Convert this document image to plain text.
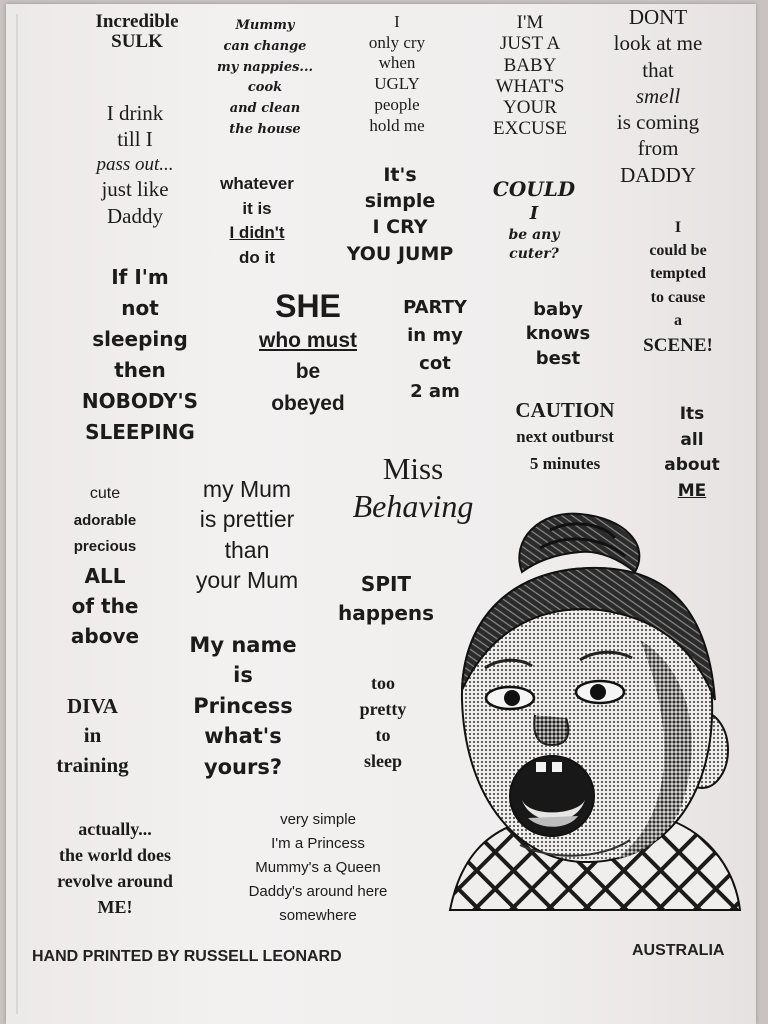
Incredible
SULK
I drink
till I
pass out...
just like
Daddy
If I'm
not
sleeping
then
NOBODY'S
SLEEPING
cute
adorable
precious
ALL
of the
above
DIVA
in
training
actually...
the world does
revolve around
ME!
Mummy
can change
my nappies...
cook
and clean
the house
whatever
it is
I didn't
do it
SHE
who must
be
obeyed
my Mum
is prettier
than
your Mum
My name
is
Princess
what's
yours?
very simple
I'm a Princess
Mummy's a Queen
Daddy's around here
somewhere
I
only cry
when
UGLY
people
hold me
It's
simple
I CRY
YOU JUMP
PARTY
in my
cot
2 am
Miss
Behaving
SPIT
happens
too
pretty
to
sleep
I'M
JUST A
BABY
WHAT'S
YOUR
EXCUSE
COULD
I
be any
cuter?
baby
knows
best
CAUTION
next outburst
5 minutes
DONT
look at me
that
smell
is coming
from
DADDY
I
could be
tempted
to cause
a
SCENE!
Its
all
about
ME
HAND PRINTED BY RUSSELL LEONARD	AUSTRALIA
